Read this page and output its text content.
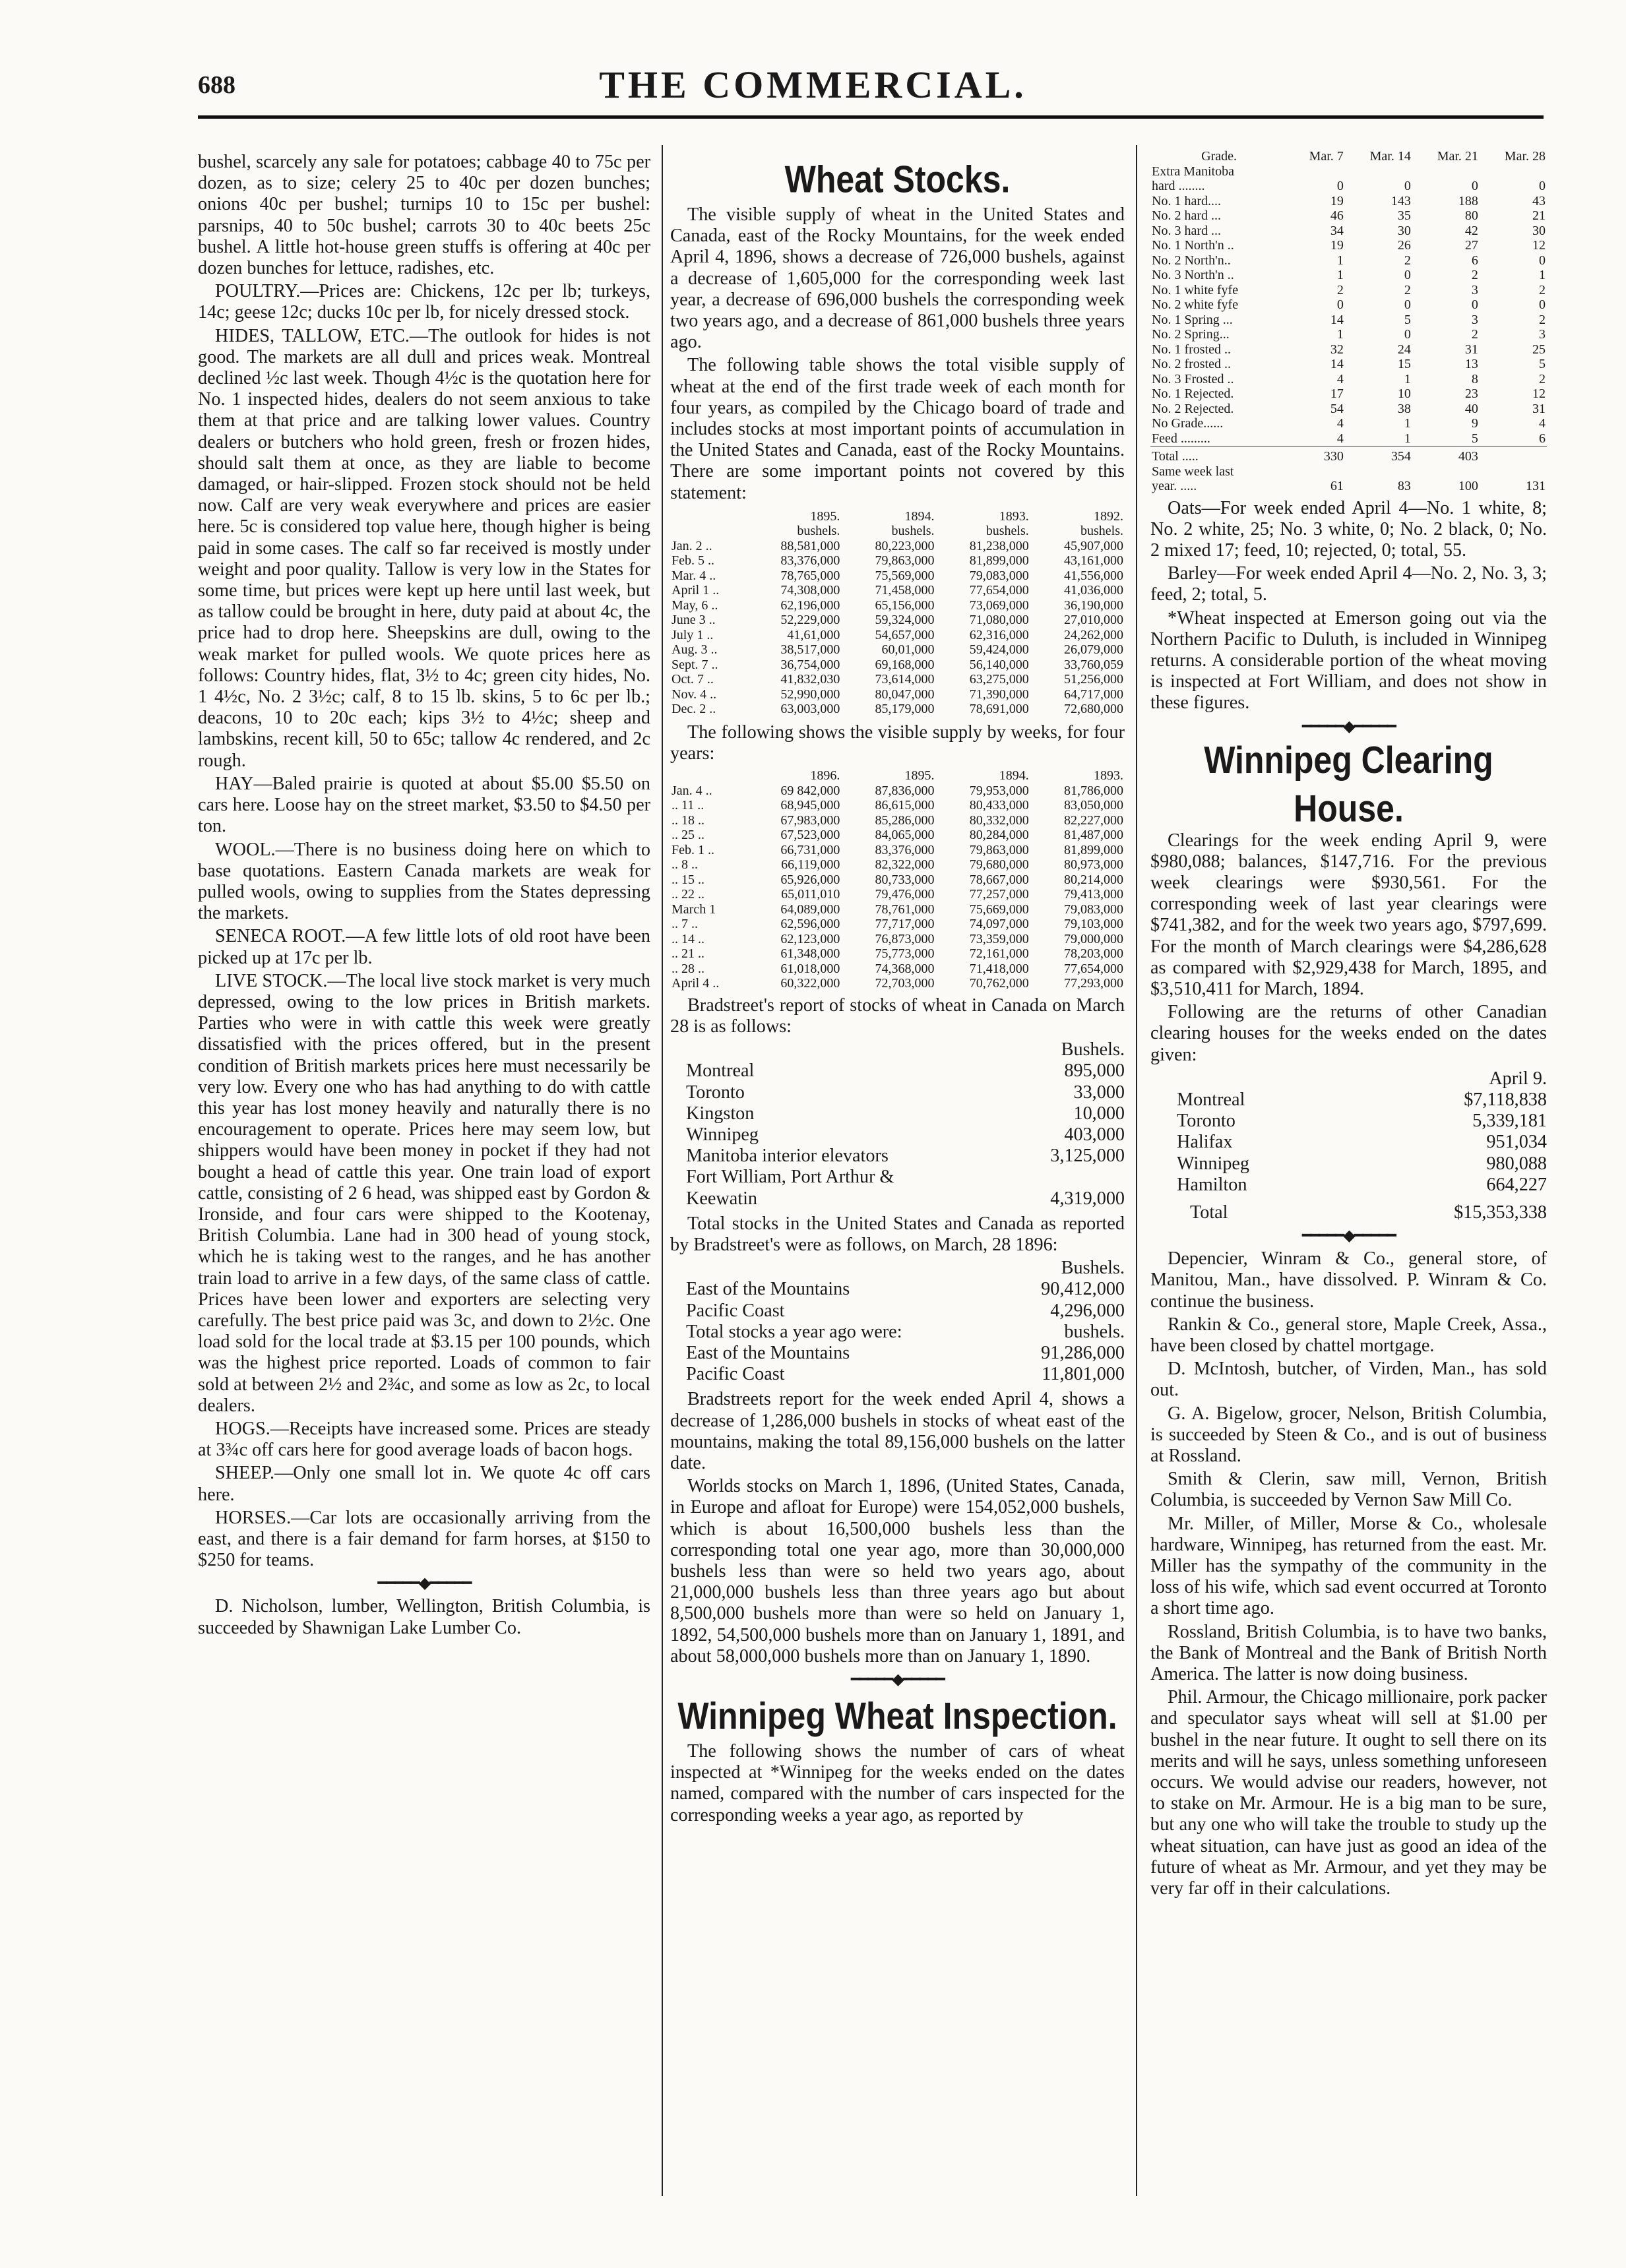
688	THE COMMERCIAL.

bushel, scarcely any sale for potatoes; cabbage 40 to 75c per dozen, as to size; celery 25 to 40c per dozen bunches; onions 40c per bushel; turnips 10 to 15c per bushel: parsnips, 40 to 50c bushel; carrots 30 to 40c beets 25c bushel. A little hot-house green stuffs is offering at 40c per dozen bunches for lettuce, radishes, etc.

POULTRY.—Prices are: Chickens, 12c per lb; turkeys, 14c; geese 12c; ducks 10c per lb, for nicely dressed stock.

HIDES, TALLOW, ETC.—The outlook for hides is not good. The markets are all dull and prices weak. Montreal declined ½c last week. Though 4½c is the quotation here for No. 1 inspected hides, dealers do not seem anxious to take them at that price and are talking lower values. Country dealers or butchers who hold green, fresh or frozen hides, should salt them at once, as they are liable to become damaged, or hair-slipped. Frozen stock should not be held now. Calf are very weak everywhere and prices are easier here. 5c is considered top value here, though higher is being paid in some cases. The calf so far received is mostly under weight and poor quality. Tallow is very low in the States for some time, but prices were kept up here until last week, but as tallow could be brought in here, duty paid at about 4c, the price had to drop here. Sheepskins are dull, owing to the weak market for pulled wools. We quote prices here as follows: Country hides, flat, 3½ to 4c; green city hides, No. 1 4½c, No. 2 3½c; calf, 8 to 15 lb. skins, 5 to 6c per lb.; deacons, 10 to 20c each; kips 3½ to 4½c; sheep and lambskins, recent kill, 50 to 65c; tallow 4c rendered, and 2c rough.

HAY—Baled prairie is quoted at about $5.00 $5.50 on cars here. Loose hay on the street market, $3.50 to $4.50 per ton.

WOOL.—There is no business doing here on which to base quotations. Eastern Canada markets are weak for pulled wools, owing to supplies from the States depressing the markets.

SENECA ROOT.—A few little lots of old root have been picked up at 17c per lb.

LIVE STOCK.—The local live stock market is very much depressed, owing to the low prices in British markets. Parties who were in with cattle this week were greatly dissatisfied with the prices offered, but in the present condition of British markets prices here must necessarily be very low. Every one who has had anything to do with cattle this year has lost money heavily and naturally there is no encouragement to operate. Prices here may seem low, but shippers would have been money in pocket if they had not bought a head of cattle this year. One train load of export cattle, consisting of 2 6 head, was shipped east by Gordon & Ironside, and four cars were shipped to the Kootenay, British Columbia. Lane had in 300 head of young stock, which he is taking west to the ranges, and he has another train load to arrive in a few days, of the same class of cattle. Prices have been lower and exporters are selecting very carefully. The best price paid was 3c, and down to 2½c. One load sold for the local trade at $3.15 per 100 pounds, which was the highest price reported. Loads of common to fair sold at between 2½ and 2¾c, and some as low as 2c, to local dealers.

HOGS.—Receipts have increased some. Prices are steady at 3¾c off cars here for good average loads of bacon hogs.

SHEEP.—Only one small lot in. We quote 4c off cars here.

HORSES.—Car lots are occasionally arriving from the east, and there is a fair demand for farm horses, at $150 to $250 for teams.

━━━━━◆━━━━━

D. Nicholson, lumber, Wellington, British Columbia, is succeeded by Shawnigan Lake Lumber Co.

Wheat Stocks.

The visible supply of wheat in the United States and Canada, east of the Rocky Mountains, for the week ended April 4, 1896, shows a decrease of 726,000 bushels, against a decrease of 1,605,000 for the corresponding week last year, a decrease of 696,000 bushels the corresponding week two years ago, and a decrease of 861,000 bushels three years ago.

The following table shows the total visible supply of wheat at the end of the first trade week of each month for four years, as compiled by the Chicago board of trade and includes stocks at most important points of accumulation in the United States and Canada, east of the Rocky Mountains. There are some important points not covered by this statement:

	1895.	1894.	1893.	1892.
	bushels.	bushels.	bushels.	bushels.
Jan. 2 ..	88,581,000	80,223,000	81,238,000	45,907,000
Feb. 5 ..	83,376,000	79,863,000	81,899,000	43,161,000
Mar. 4 ..	78,765,000	75,569,000	79,083,000	41,556,000
April 1 ..	74,308,000	71,458,000	77,654,000	41,036,000
May, 6 ..	62,196,000	65,156,000	73,069,000	36,190,000
June 3 ..	52,229,000	59,324,000	71,080,000	27,010,000
July 1 ..	41,61,000	54,657,000	62,316,000	24,262,000
Aug. 3 ..	38,517,000	60,01,000	59,424,000	26,079,000
Sept. 7 ..	36,754,000	69,168,000	56,140,000	33,760,059
Oct. 7 ..	41,832,030	73,614,000	63,275,000	51,256,000
Nov. 4 ..	52,990,000	80,047,000	71,390,000	64,717,000
Dec. 2 ..	63,003,000	85,179,000	78,691,000	72,680,000

The following shows the visible supply by weeks, for four years:

	1896.	1895.	1894.	1893.
Jan. 4 ..	69 842,000	87,836,000	79,953,000	81,786,000
.. 11 ..	68,945,000	86,615,000	80,433,000	83,050,000
.. 18 ..	67,983,000	85,286,000	80,332,000	82,227,000
.. 25 ..	67,523,000	84,065,000	80,284,000	81,487,000
Feb. 1 ..	66,731,000	83,376,000	79,863,000	81,899,000
.. 8 ..	66,119,000	82,322,000	79,680,000	80,973,000
.. 15 ..	65,926,000	80,733,000	78,667,000	80,214,000
.. 22 ..	65,011,010	79,476,000	77,257,000	79,413,000
March 1	64,089,000	78,761,000	75,669,000	79,083,000
.. 7 ..	62,596,000	77,717,000	74,097,000	79,103,000
.. 14 ..	62,123,000	76,873,000	73,359,000	79,000,000
.. 21 ..	61,348,000	75,773,000	72,161,000	78,203,000
.. 28 ..	61,018,000	74,368,000	71,418,000	77,654,000
April 4 ..	60,322,000	72,703,000	70,762,000	77,293,000

Bradstreet's report of stocks of wheat in Canada on March 28 is as follows:

	Bushels.
Montreal	895,000
Toronto	33,000
Kingston	10,000
Winnipeg	403,000
Manitoba interior elevators	3,125,000
Fort William, Port Arthur &	
Keewatin	4,319,000

Total stocks in the United States and Canada as reported by Bradstreet's were as follows, on March, 28 1896:

	Bushels.
East of the Mountains	90,412,000
Pacific Coast	4,296,000
Total stocks a year ago were:	bushels.
East of the Mountains	91,286,000
Pacific Coast	11,801,000

Bradstreets report for the week ended April 4, shows a decrease of 1,286,000 bushels in stocks of wheat east of the mountains, making the total 89,156,000 bushels on the latter date.

Worlds stocks on March 1, 1896, (United States, Canada, in Europe and afloat for Europe) were 154,052,000 bushels, which is about 16,500,000 bushels less than the corresponding total one year ago, more than 30,000,000 bushels less than were so held two years ago, about 21,000,000 bushels less than three years ago but about 8,500,000 bushels more than were so held on January 1, 1892, 54,500,000 bushels more than on January 1, 1891, and about 58,000,000 bushels more than on January 1, 1890.

━━━━━◆━━━━━
Winnipeg Wheat Inspection.

The following shows the number of cars of wheat inspected at *Winnipeg for the weeks ended on the dates named, compared with the number of cars inspected for the corresponding weeks a year ago, as reported by

Grade.	Mar. 7	Mar. 14	Mar. 21	Mar. 28
Extra Manitoba				
hard ........	0	0	0	0
No. 1 hard....	19	143	188	43
No. 2 hard ...	46	35	80	21
No. 3 hard ...	34	30	42	30
No. 1 North'n ..	19	26	27	12
No. 2 North'n..	1	2	6	0
No. 3 North'n ..	1	0	2	1
No. 1 white fyfe	2	2	3	2
No. 2 white fyfe	0	0	0	0
No. 1 Spring ...	14	5	3	2
No. 2 Spring...	1	0	2	3
No. 1 frosted ..	32	24	31	25
No. 2 frosted ..	14	15	13	5
No. 3 Frosted ..	4	1	8	2
No. 1 Rejected.	17	10	23	12
No. 2 Rejected.	54	38	40	31
No Grade......	4	1	9	4
Feed .........	4	1	5	6

Total .....	330	354	403	
Same week last				
year. .....	61	83	100	131

Oats—For week ended April 4—No. 1 white, 8; No. 2 white, 25; No. 3 white, 0; No. 2 black, 0; No. 2 mixed 17; feed, 10; rejected, 0; total, 55.

Barley—For week ended April 4—No. 2, No. 3, 3; feed, 2; total, 5.

*Wheat inspected at Emerson going out via the Northern Pacific to Duluth, is included in Winnipeg returns. A considerable portion of the wheat moving is inspected at Fort William, and does not show in these figures.

━━━━━◆━━━━━
Winnipeg Clearing House.

Clearings for the week ending April 9, were $980,088; balances, $147,716. For the previous week clearings were $930,561. For the corresponding week of last year clearings were $741,382, and for the week two years ago, $797,699. For the month of March clearings were $4,286,628 as compared with $2,929,438 for March, 1895, and $3,510,411 for March, 1894.

Following are the returns of other Canadian clearing houses for the weeks ended on the dates given:

	April 9.
Montreal	$7,118,838
Toronto	5,339,181
Halifax	951,034
Winnipeg	980,088
Hamilton	664,227

Total	$15,353,338
━━━━━◆━━━━━

Depencier, Winram & Co., general store, of Manitou, Man., have dissolved. P. Winram & Co. continue the business.

Rankin & Co., general store, Maple Creek, Assa., have been closed by chattel mortgage.

D. McIntosh, butcher, of Virden, Man., has sold out.

G. A. Bigelow, grocer, Nelson, British Columbia, is succeeded by Steen & Co., and is out of business at Rossland.

Smith & Clerin, saw mill, Vernon, British Columbia, is succeeded by Vernon Saw Mill Co.

Mr. Miller, of Miller, Morse & Co., wholesale hardware, Winnipeg, has returned from the east. Mr. Miller has the sympathy of the community in the loss of his wife, which sad event occurred at Toronto a short time ago.

Rossland, British Columbia, is to have two banks, the Bank of Montreal and the Bank of British North America. The latter is now doing business.

Phil. Armour, the Chicago millionaire, pork packer and speculator says wheat will sell at $1.00 per bushel in the near future. It ought to sell there on its merits and will he says, unless something unforeseen occurs. We would advise our readers, however, not to stake on Mr. Armour. He is a big man to be sure, but any one who will take the trouble to study up the wheat situation, can have just as good an idea of the future of wheat as Mr. Armour, and yet they may be very far off in their calculations.
